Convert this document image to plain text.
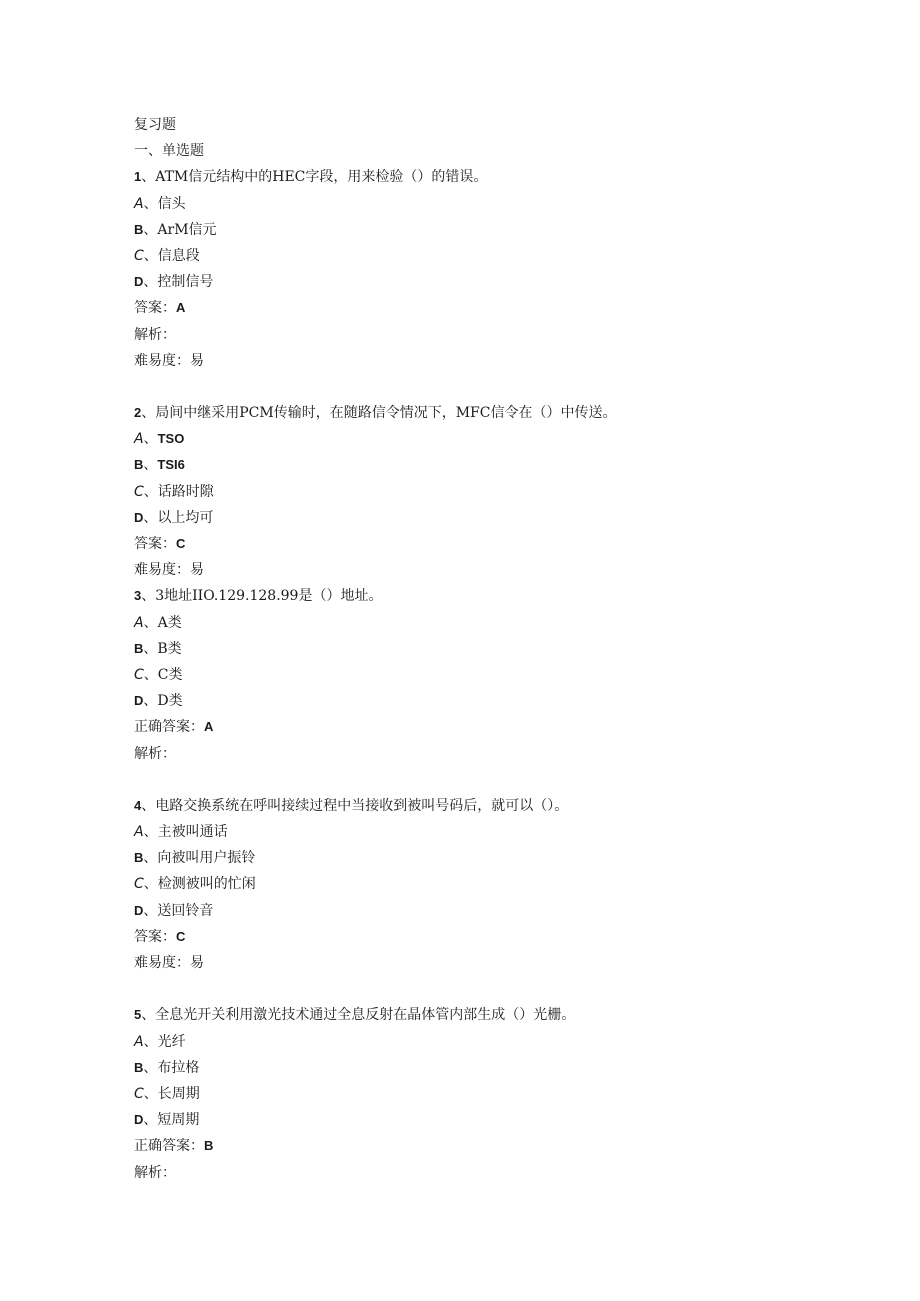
复习题
一、单选题
1、ATM信元结构中的HEC字段，用来检验（）的错误。
A、信头
B、ArM信元
C、信息段
D、控制信号
答案：A
解析：
难易度：易
2、局间中继采用PCM传输时，在随路信令情况下，MFC信令在（）中传送。
A、TSO
B、TSI6
C、话路时隙
D、以上均可
答案：C
难易度：易
3、3地址IIO.129.128.99是（）地址。
A、A类
B、B类
C、C类
D、D类
正确答案：A
解析：
4、电路交换系统在呼叫接续过程中当接收到被叫号码后，就可以（）。
A、主被叫通话
B、向被叫用户振铃
C、检测被叫的忙闲
D、送回铃音
答案：C
难易度：易
5、全息光开关利用激光技术通过全息反射在晶体管内部生成（）光栅。
A、光纤
B、布拉格
C、长周期
D、短周期
正确答案：B
解析：
